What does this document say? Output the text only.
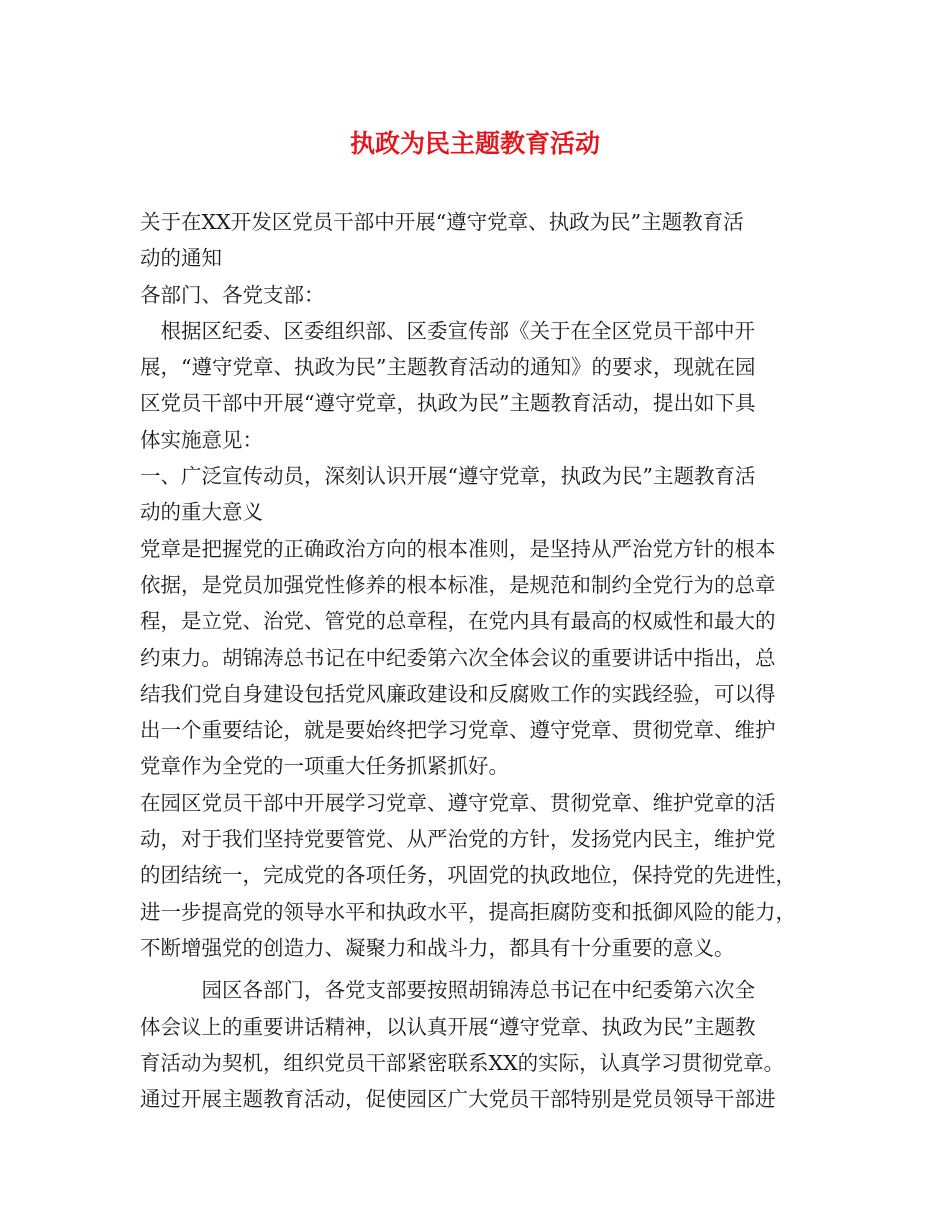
执政为民主题教育活动
关于在XX开发区党员干部中开展“遵守党章、执政为民”主题教育活
动的通知
各部门、各党支部：
　根据区纪委、区委组织部、区委宣传部《关于在全区党员干部中开
展，“遵守党章、执政为民”主题教育活动的通知》的要求，现就在园
区党员干部中开展“遵守党章，执政为民”主题教育活动，提出如下具
体实施意见：
一、广泛宣传动员，深刻认识开展“遵守党章，执政为民”主题教育活
动的重大意义
党章是把握党的正确政治方向的根本准则，是坚持从严治党方针的根本
依据，是党员加强党性修养的根本标准，是规范和制约全党行为的总章
程，是立党、治党、管党的总章程，在党内具有最高的权威性和最大的
约束力。胡锦涛总书记在中纪委第六次全体会议的重要讲话中指出，总
结我们党自身建设包括党风廉政建设和反腐败工作的实践经验，可以得
出一个重要结论，就是要始终把学习党章、遵守党章、贯彻党章、维护
党章作为全党的一项重大任务抓紧抓好。
在园区党员干部中开展学习党章、遵守党章、贯彻党章、维护党章的活
动，对于我们坚持党要管党、从严治党的方针，发扬党内民主，维护党
的团结统一，完成党的各项任务，巩固党的执政地位，保持党的先进性，
进一步提高党的领导水平和执政水平，提高拒腐防变和抵御风险的能力，
不断增强党的创造力、凝聚力和战斗力，都具有十分重要的意义。
　　　园区各部门，各党支部要按照胡锦涛总书记在中纪委第六次全
体会议上的重要讲话精神，以认真开展“遵守党章、执政为民”主题教
育活动为契机，组织党员干部紧密联系XX的实际，认真学习贯彻党章。
通过开展主题教育活动，促使园区广大党员干部特别是党员领导干部进
